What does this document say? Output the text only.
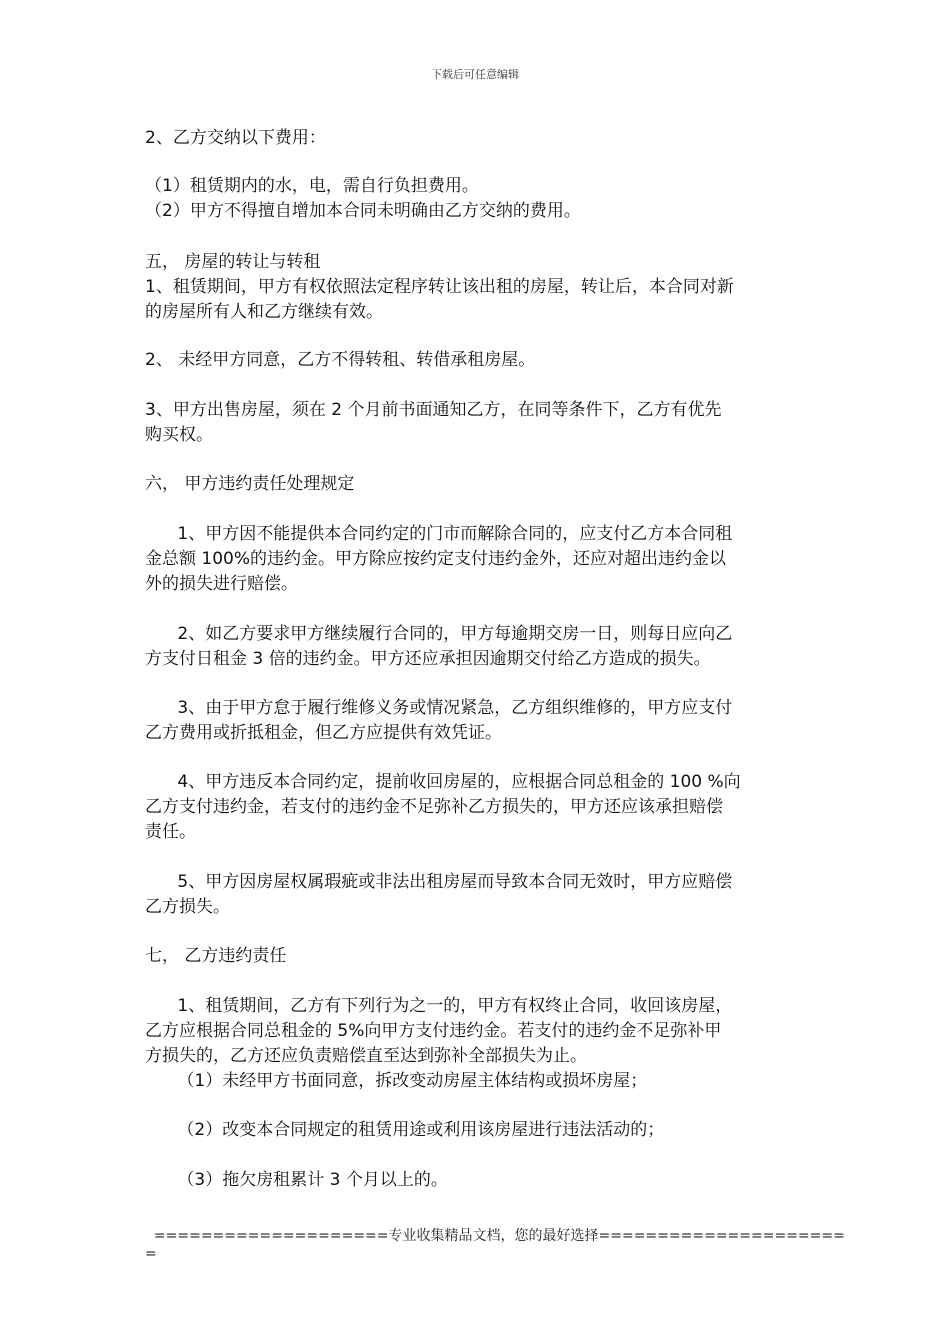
下载后可任意编辑
2、乙方交纳以下费用：
（1）租赁期内的水，电，需自行负担费用。
（2）甲方不得擅自增加本合同未明确由乙方交纳的费用。
五， 房屋的转让与转租
1、租赁期间，甲方有权依照法定程序转让该出租的房屋，转让后，本合同对新
的房屋所有人和乙方继续有效。
2、 未经甲方同意，乙方不得转租、转借承租房屋。
3、甲方出售房屋，须在 2 个月前书面通知乙方，在同等条件下，乙方有优先
购买权。
六， 甲方违约责任处理规定
1、甲方因不能提供本合同约定的门市而解除合同的，应支付乙方本合同租
金总额 100%的违约金。甲方除应按约定支付违约金外，还应对超出违约金以
外的损失进行赔偿。
2、如乙方要求甲方继续履行合同的，甲方每逾期交房一日，则每日应向乙
方支付日租金 3 倍的违约金。甲方还应承担因逾期交付给乙方造成的损失。
3、由于甲方怠于履行维修义务或情况紧急，乙方组织维修的，甲方应支付
乙方费用或折抵租金，但乙方应提供有效凭证。
4、甲方违反本合同约定，提前收回房屋的，应根据合同总租金的 100 %向
乙方支付违约金，若支付的违约金不足弥补乙方损失的，甲方还应该承担赔偿
责任。
5、甲方因房屋权属瑕疵或非法出租房屋而导致本合同无效时，甲方应赔偿
乙方损失。
七， 乙方违约责任
1、租赁期间，乙方有下列行为之一的，甲方有权终止合同，收回该房屋，
乙方应根据合同总租金的 5%向甲方支付违约金。若支付的违约金不足弥补甲
方损失的，乙方还应负责赔偿直至达到弥补全部损失为止。
（1）未经甲方书面同意，拆改变动房屋主体结构或损坏房屋；
（2）改变本合同规定的租赁用途或利用该房屋进行违法活动的；
（3）拖欠房租累计 3 个月以上的。
====================专业收集精品文档，您的最好选择=====================
=
